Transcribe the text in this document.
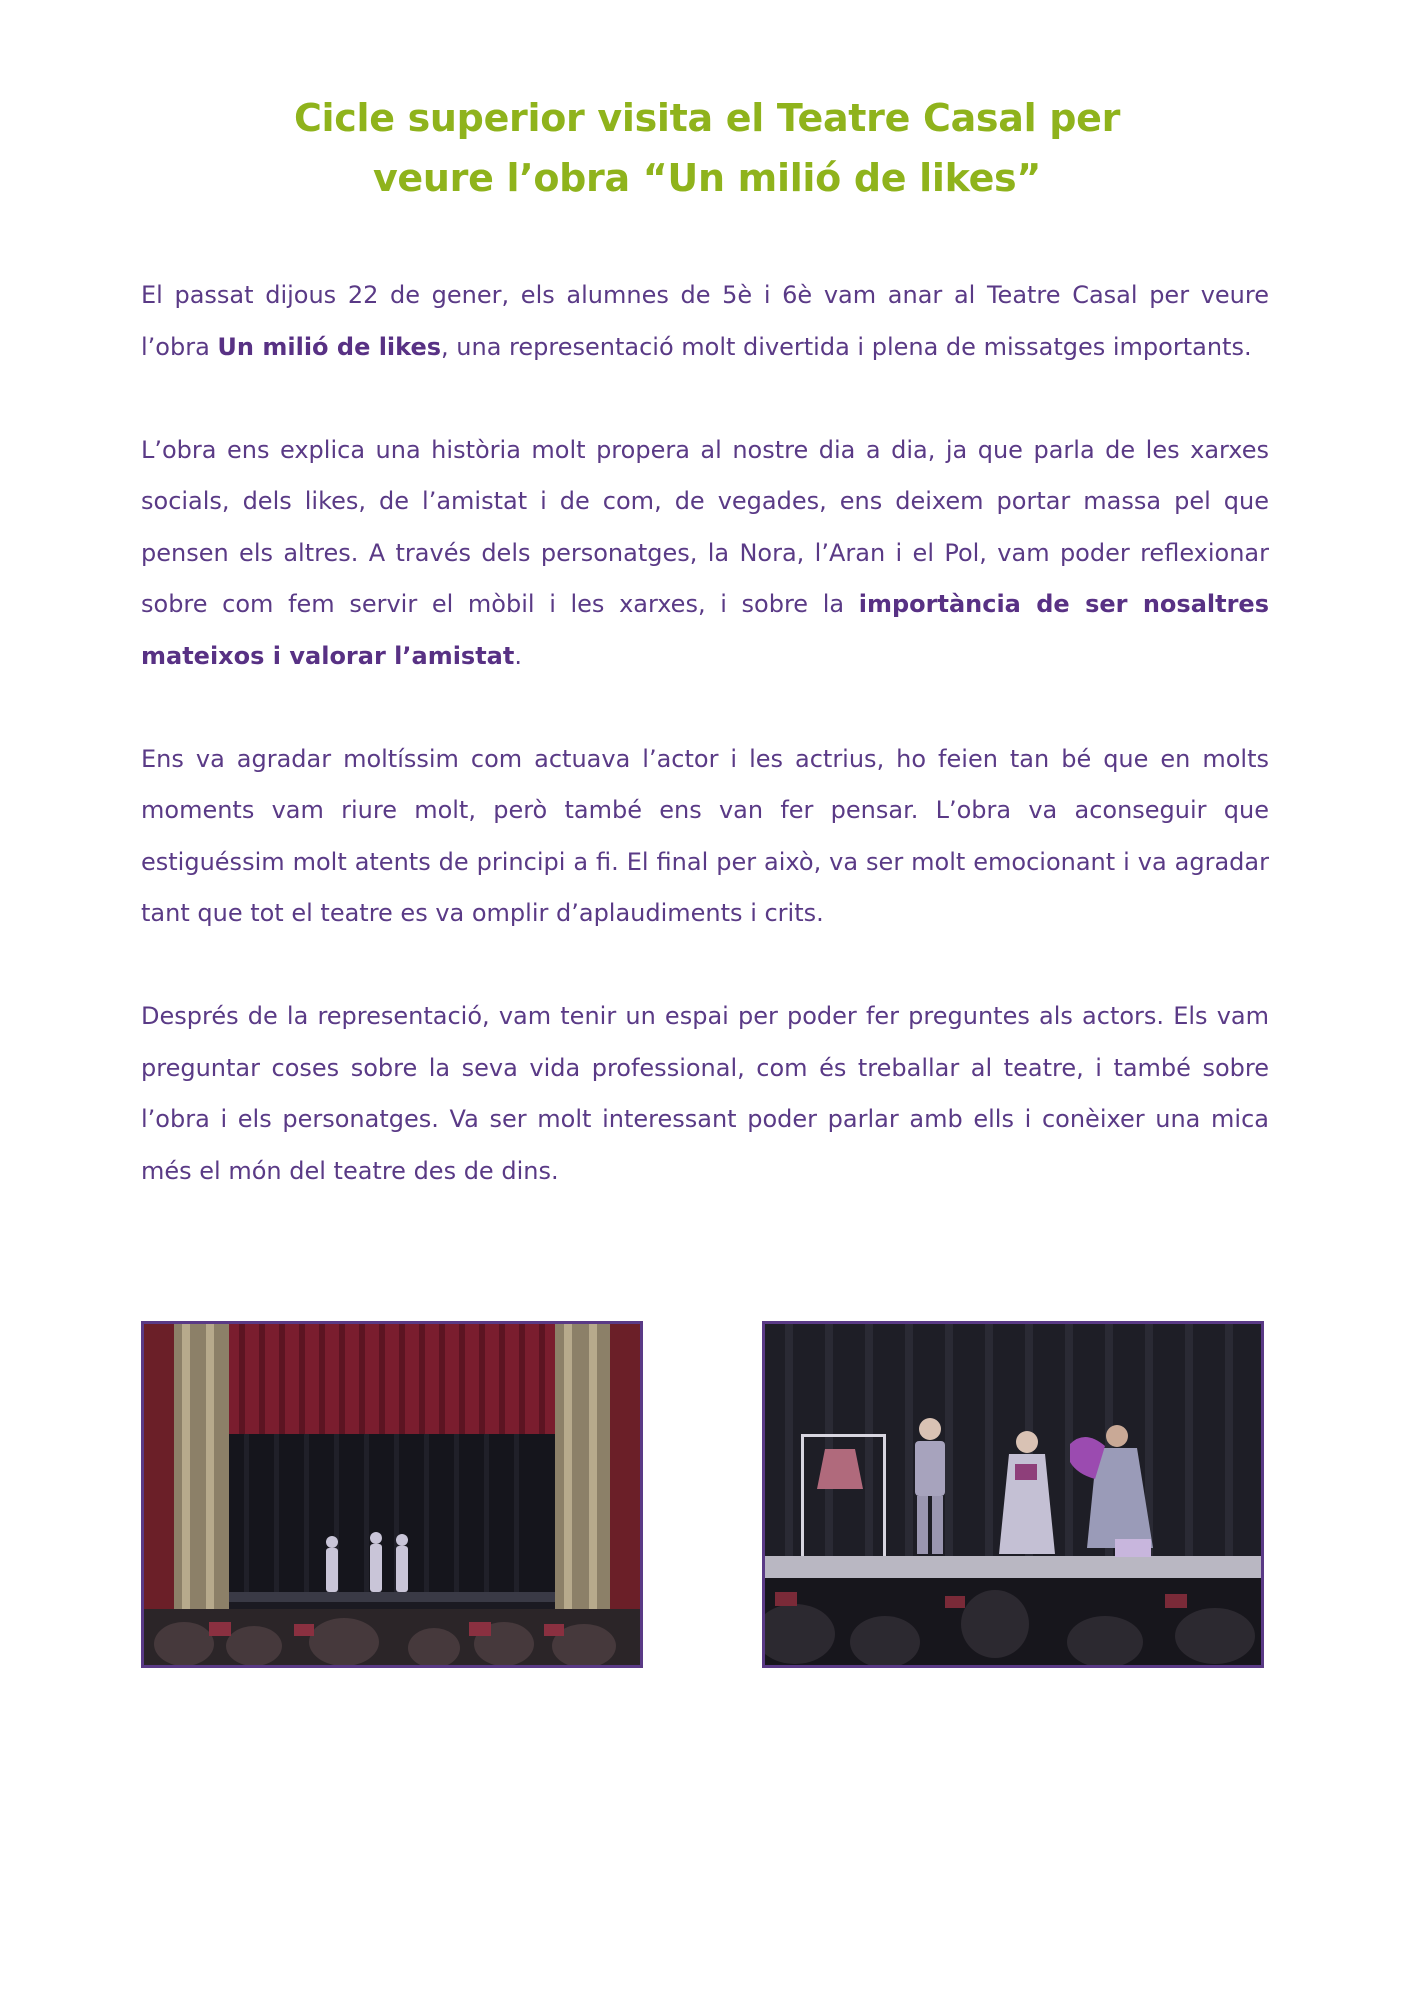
Cicle superior visita el Teatre Casal per
veure l’obra “Un milió de likes”

El passat dijous 22 de gener, els alumnes de 5è i 6è vam anar al Teatre Casal per veure l’obra Un milió de likes, una representació molt divertida i plena de missatges importants.

L’obra ens explica una història molt propera al nostre dia a dia, ja que parla de les xarxes socials, dels likes, de l’amistat i de com, de vegades, ens deixem portar massa pel que pensen els altres. A través dels personatges, la Nora, l’Aran i el Pol, vam poder reflexionar sobre com fem servir el mòbil i les xarxes, i sobre la importància de ser nosaltres mateixos i valorar l’amistat.

Ens va agradar moltíssim com actuava l’actor i les actrius, ho feien tan bé que en molts moments vam riure molt, però també ens van fer pensar. L’obra va aconseguir que estiguéssim molt atents de principi a fi. El final per això, va ser molt emocionant i va agradar tant que tot el teatre es va omplir d’aplaudiments i crits.

Després de la representació, vam tenir un espai per poder fer preguntes als actors. Els vam preguntar coses sobre la seva vida professional, com és treballar al teatre, i també sobre l’obra i els personatges. Va ser molt interessant poder parlar amb ells i conèixer una mica més el món del teatre des de dins.
